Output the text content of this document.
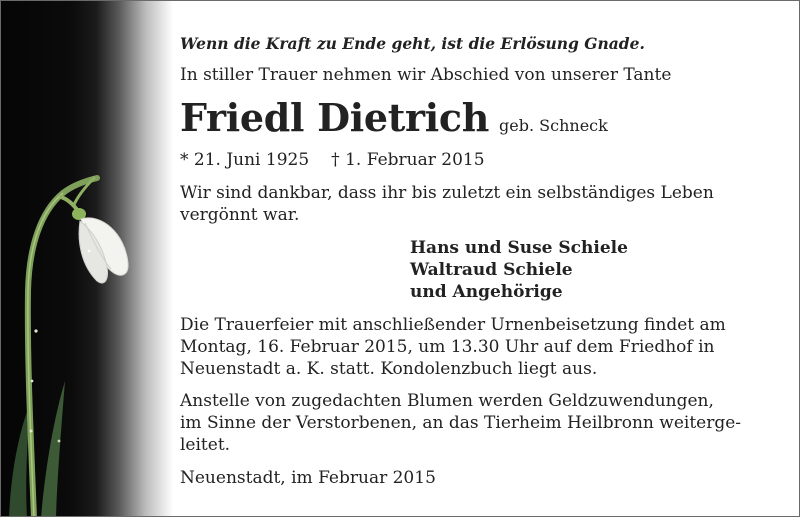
Wenn die Kraft zu Ende geht, ist die Erlösung Gnade.
In stiller Trauer nehmen wir Abschied von unserer Tante
Friedl Dietrich geb. Schneck
* 21. Juni 1925 † 1. Februar 2015
Wir sind dankbar, dass ihr bis zuletzt ein selbständiges Leben
vergönnt war.
Hans und Suse Schiele
Waltraud Schiele
und Angehörige
Die Trauerfeier mit anschließender Urnenbeisetzung findet am
Montag, 16. Februar 2015, um 13.30 Uhr auf dem Friedhof in
Neuenstadt a. K. statt. Kondolenzbuch liegt aus.
Anstelle von zugedachten Blumen werden Geldzuwendungen,
im Sinne der Verstorbenen, an das Tierheim Heilbronn weiterge-
leitet.
Neuenstadt, im Februar 2015
